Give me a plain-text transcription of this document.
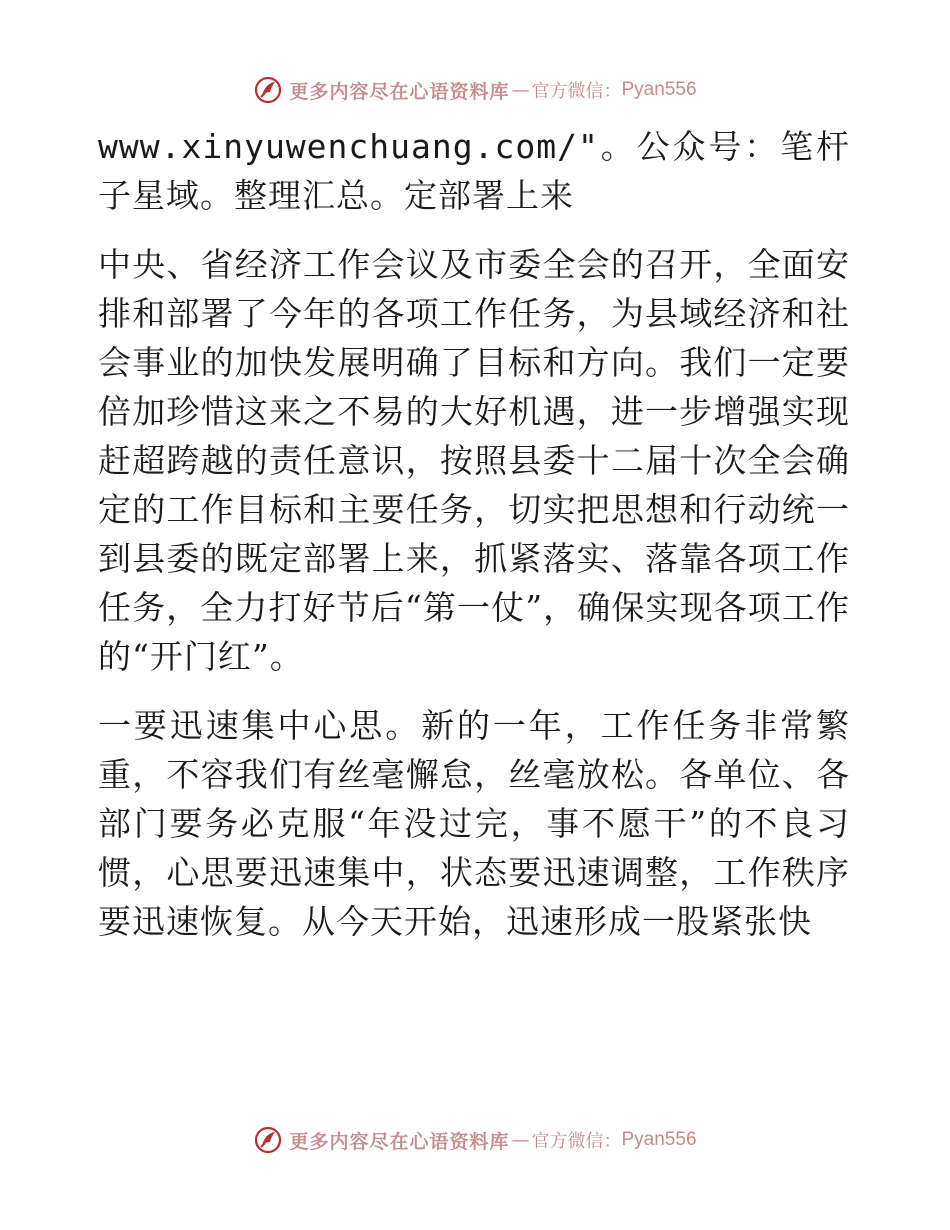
更多内容尽在心语资料库 — 官方微信： Pyan556

www.xinyuwenchuang.com/"。公众号：笔杆子星域。整理汇总。定部署上来

中央、省经济工作会议及市委全会的召开，全面安排和部署了今年的各项工作任务，为县域经济和社会事业的加快发展明确了目标和方向。我们一定要倍加珍惜这来之不易的大好机遇，进一步增强实现赶超跨越的责任意识，按照县委十二届十次全会确定的工作目标和主要任务，切实把思想和行动统一到县委的既定部署上来，抓紧落实、落靠各项工作任务，全力打好节后“第一仗”，确保实现各项工作的“开门红”。

一要迅速集中心思。新的一年，工作任务非常繁重，不容我们有丝毫懈怠，丝毫放松。各单位、各部门要务必克服“年没过完，事不愿干”的不良习惯，心思要迅速集中，状态要迅速调整，工作秩序要迅速恢复。从今天开始，迅速形成一股紧张快

更多内容尽在心语资料库 — 官方微信： Pyan556
